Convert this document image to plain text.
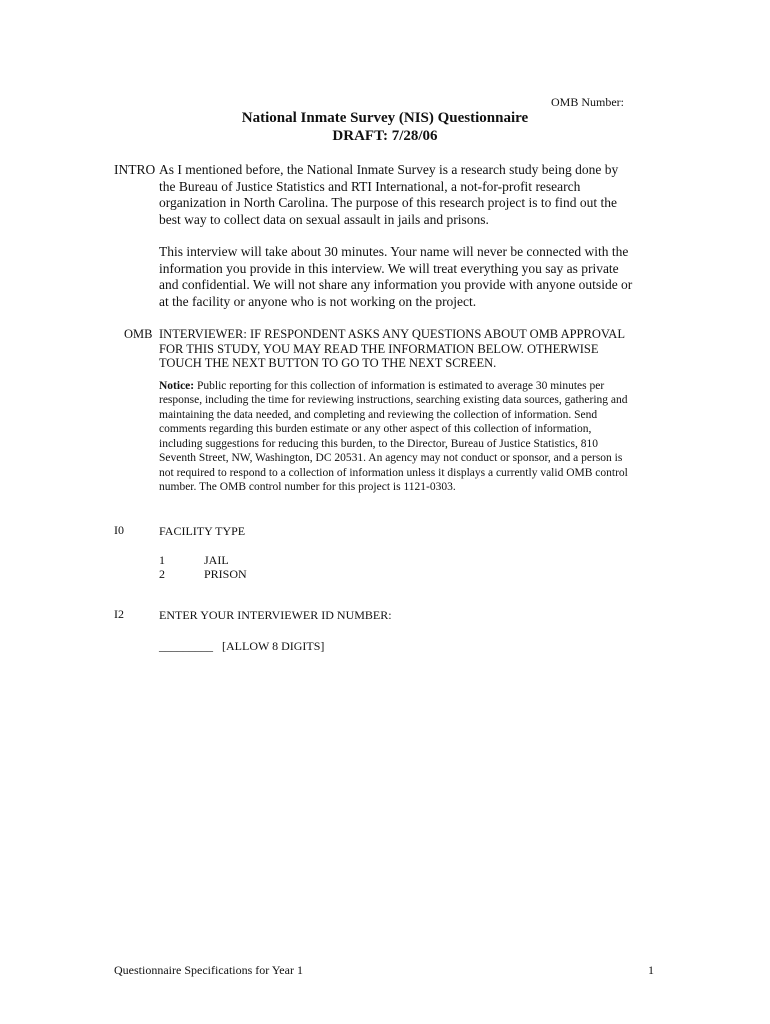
OMB Number:
National Inmate Survey (NIS) Questionnaire
DRAFT: 7/28/06
INTRO As I mentioned before, the National Inmate Survey is a research study being done by the Bureau of Justice Statistics and RTI International, a not-for-profit research organization in North Carolina. The purpose of this research project is to find out the best way to collect data on sexual assault in jails and prisons.

This interview will take about 30 minutes. Your name will never be connected with the information you provide in this interview. We will treat everything you say as private and confidential. We will not share any information you provide with anyone outside or at the facility or anyone who is not working on the project.

OMB INTERVIEWER: IF RESPONDENT ASKS ANY QUESTIONS ABOUT OMB APPROVAL FOR THIS STUDY, YOU MAY READ THE INFORMATION BELOW. OTHERWISE TOUCH THE NEXT BUTTON TO GO TO THE NEXT SCREEN.
Notice: Public reporting for this collection of information is estimated to average 30 minutes per response, including the time for reviewing instructions, searching existing data sources, gathering and maintaining the data needed, and completing and reviewing the collection of information. Send comments regarding this burden estimate or any other aspect of this collection of information, including suggestions for reducing this burden, to the Director, Bureau of Justice Statistics, 810 Seventh Street, NW, Washington, DC 20531. An agency may not conduct or sponsor, and a person is not required to respond to a collection of information unless it displays a currently valid OMB control number. The OMB control number for this project is 1121-0303.
I0	FACILITY TYPE
1	JAIL
2	PRISON
I2	ENTER YOUR INTERVIEWER ID NUMBER:
_________ [ALLOW 8 DIGITS]
Questionnaire Specifications for Year 1	1
